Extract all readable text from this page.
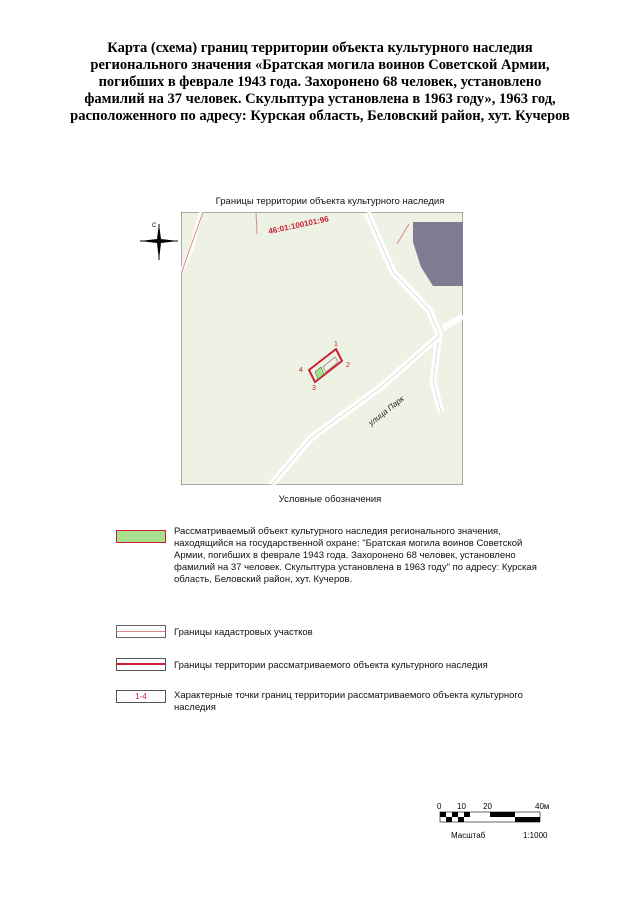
Карта (схема) границ территории объекта культурного наследия регионального значения «Братская могила воинов Советской Армии, погибших в феврале 1943 года. Захоронено 68 человек, установлено фамилий на 37 человек. Скульптура установлена в 1963 году», 1963 год, расположенного по адресу: Курская область, Беловский район, хут. Кучеров
Границы территории объекта культурного наследия
С	46:01:100101:96
1
2
3
4
улица Парк
Условные обозначения
Рассматриваемый объект культурного наследия регионального значения, находящийся на государственной охране: "Братская могила воинов Советской Армии, погибших в феврале 1943 года. Захоронено 68 человек, установлено фамилий на 37 человек. Скульптура установлена в 1963 году" по адресу: Курская область, Беловский район, хут. Кучеров.
Границы кадастровых участков
Границы территории рассматриваемого объекта культурного наследия
1-4	Характерные точки границ территории рассматриваемого объекта культурного наследия
0 10 20	40м
Масштаб	1:1000
